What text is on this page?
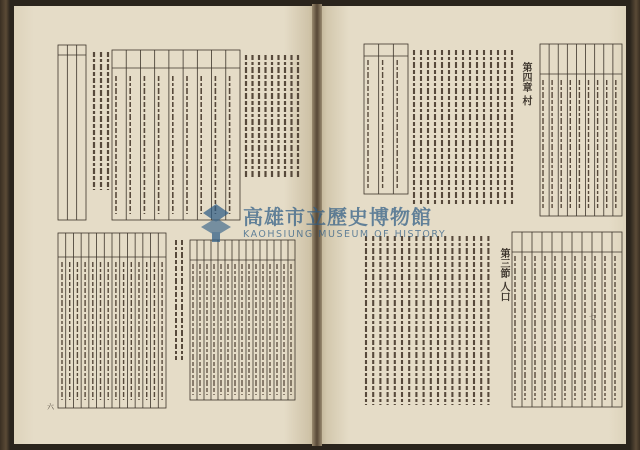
第四章 村
第三節 人口
六
七
高雄市立歷史博物館
KAOHSIUNG MUSEUM OF HISTORY
